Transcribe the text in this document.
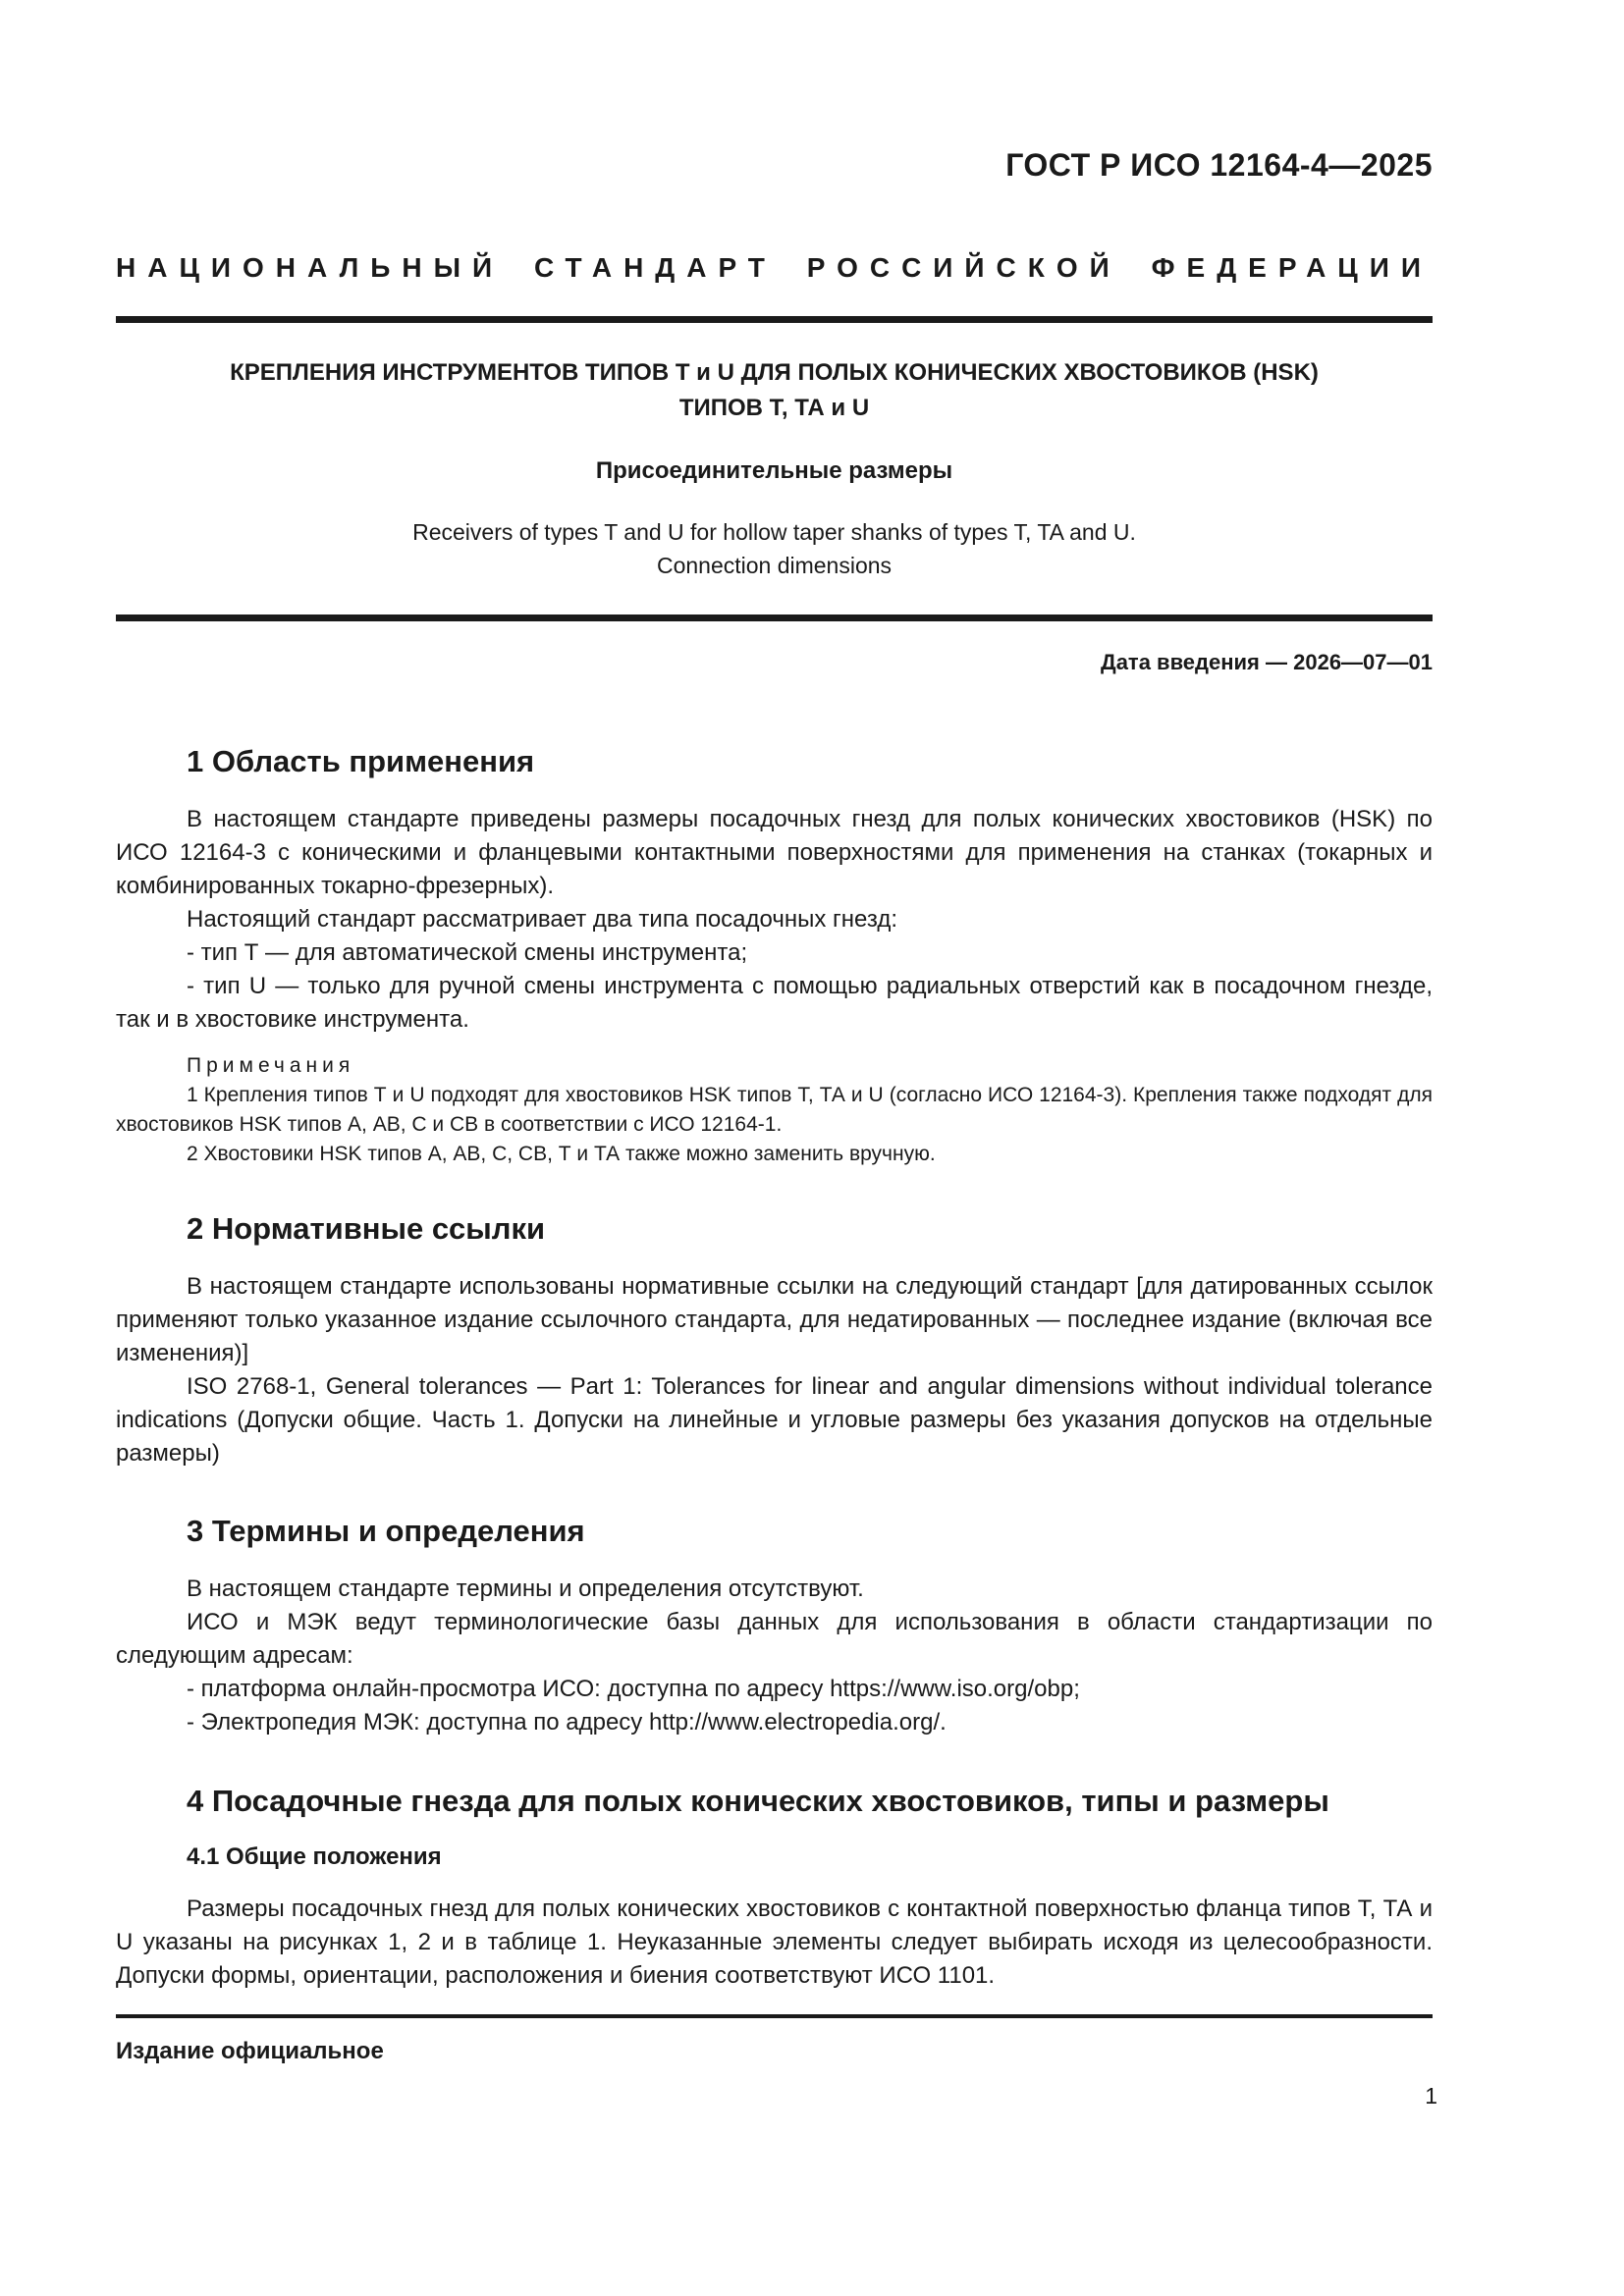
ГОСТ Р ИСО 12164-4—2025
НАЦИОНАЛЬНЫЙ СТАНДАРТ РОССИЙСКОЙ ФЕДЕРАЦИИ
КРЕПЛЕНИЯ ИНСТРУМЕНТОВ ТИПОВ Т и U ДЛЯ ПОЛЫХ КОНИЧЕСКИХ ХВОСТОВИКОВ (HSK)
ТИПОВ Т, ТА и U
Присоединительные размеры
Receivers of types T and U for hollow taper shanks of types T, TA and U.
Connection dimensions
Дата введения — 2026—07—01
1 Область применения

В настоящем стандарте приведены размеры посадочных гнезд для полых конических хвостовиков (HSK) по ИСО 12164-3 с коническими и фланцевыми контактными поверхностями для применения на станках (токарных и комбинированных токарно-фрезерных).

Настоящий стандарт рассматривает два типа посадочных гнезд:

- тип Т — для автоматической смены инструмента;

- тип U — только для ручной смены инструмента с помощью радиальных отверстий как в посадочном гнезде, так и в хвостовике инструмента.

Примечания

1 Крепления типов Т и U подходят для хвостовиков HSK типов Т, ТА и U (согласно ИСО 12164-3). Крепления также подходят для хвостовиков HSK типов А, АВ, С и СВ в соответствии с ИСО 12164-1.

2 Хвостовики HSK типов А, АВ, С, СВ, Т и ТА также можно заменить вручную.

2 Нормативные ссылки

В настоящем стандарте использованы нормативные ссылки на следующий стандарт [для датированных ссылок применяют только указанное издание ссылочного стандарта, для недатированных — последнее издание (включая все изменения)]

ISO 2768-1, General tolerances — Part 1: Tolerances for linear and angular dimensions without individual tolerance indications (Допуски общие. Часть 1. Допуски на линейные и угловые размеры без указания допусков на отдельные размеры)

3 Термины и определения

В настоящем стандарте термины и определения отсутствуют.

ИСО и МЭК ведут терминологические базы данных для использования в области стандартизации по следующим адресам:

- платформа онлайн-просмотра ИСО: доступна по адресу https://www.iso.org/obp;

- Электропедия МЭК: доступна по адресу http://www.electropedia.org/.

4 Посадочные гнезда для полых конических хвостовиков, типы и размеры
4.1 Общие положения

Размеры посадочных гнезд для полых конических хвостовиков с контактной поверхностью фланца типов Т, ТА и U указаны на рисунках 1, 2 и в таблице 1. Неуказанные элементы следует выбирать исходя из целесообразности. Допуски формы, ориентации, расположения и биения соответствуют ИСО 1101.

Издание официальное
1
